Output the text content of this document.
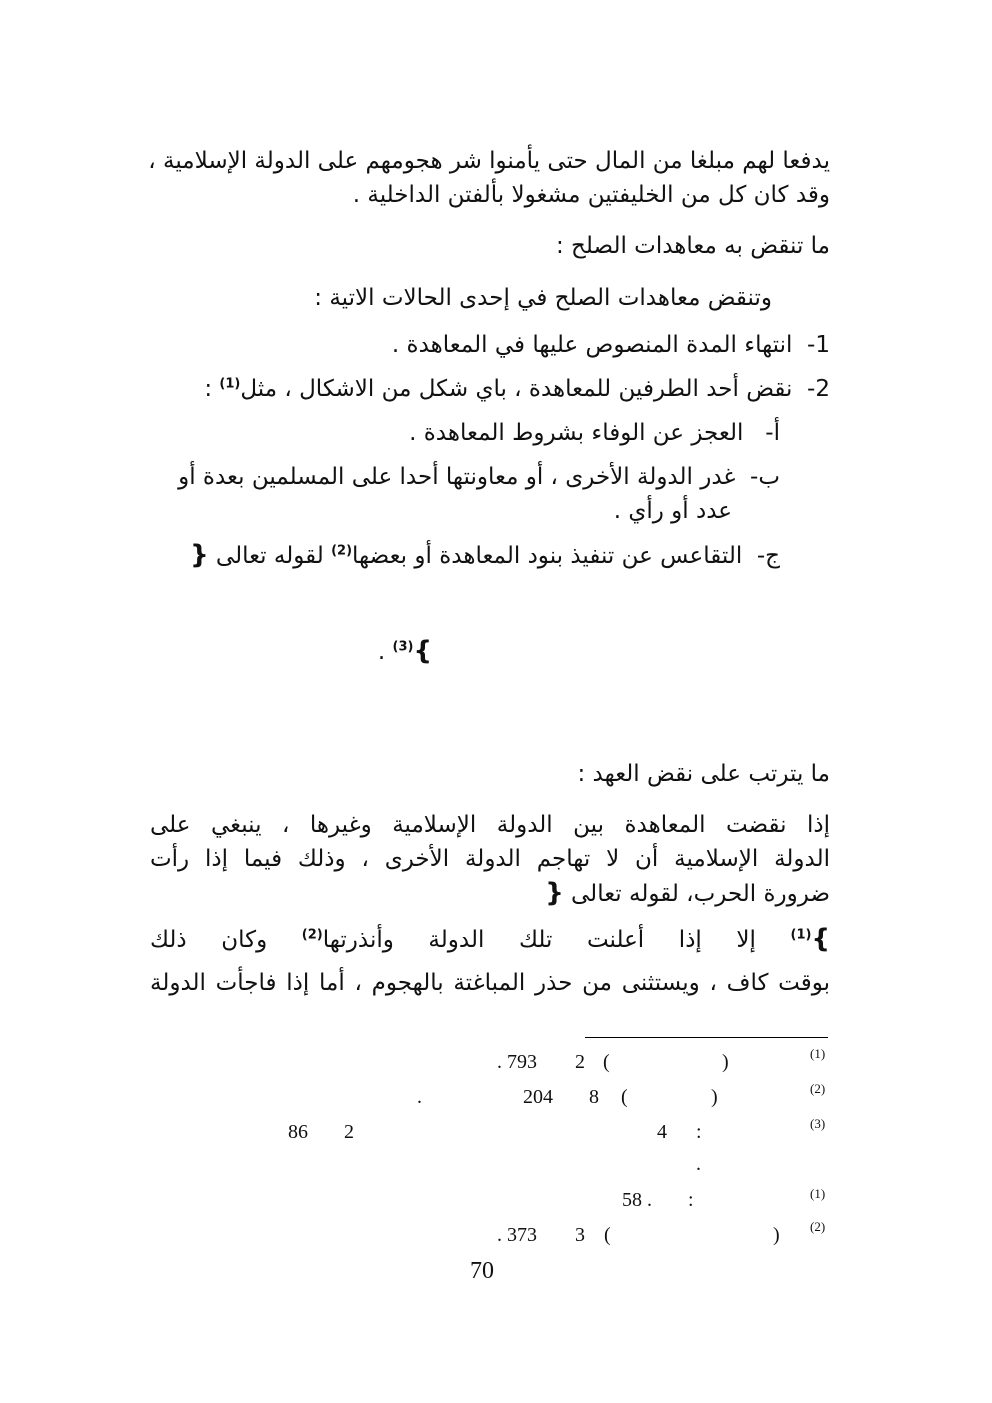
يدفعا لهم مبلغا من المال حتى يأمنوا شر هجومهم على الدولة الإسلامية ،
وقد كان كل من الخليفتين مشغولا بألفتن الداخلية .
ما تنقض به معاهدات الصلح :
وتنقض معاهدات الصلح في إحدى الحالات الاتية :
1-  انتهاء المدة المنصوص عليها في المعاهدة .
2-  نقض أحد الطرفين للمعاهدة ، باي شكل من الاشكال ، مثل$^{(1)}$ :
أ-   العجز عن الوفاء بشروط المعاهدة .
ب-  غدر الدولة الأخرى ، أو معاونتها أحدا على المسلمين بعدة أو
عدد أو رأي .
ج-  التقاعس عن تنفيذ بنود المعاهدة أو بعضها$^{(2)}$ لقوله تعالى {
}$^{(3)}$ .
ما يترتب على نقض العهد :
إذا نقضت المعاهدة بين الدولة الإسلامية وغيرها ، ينبغي على
الدولة الإسلامية أن لا تهاجم الدولة الأخرى ، وذلك فيما إذا رأت
ضرورة الحرب، لقوله تعالى {
}$^{(1)}$ إلا إذا أعلنت تلك الدولة وأنذرتها$^{(2)}$ وكان ذلك
بوقت كاف ، ويستثنى من حذر المباغتة بالهجوم ، أما إذا فاجأت الدولة
(1)
)
(
2
. 793
(2)
)
(
8
204
.
(3)
:
4
2
86
.
(1)
:
58 .
(2)
)
(
3
. 373
70
